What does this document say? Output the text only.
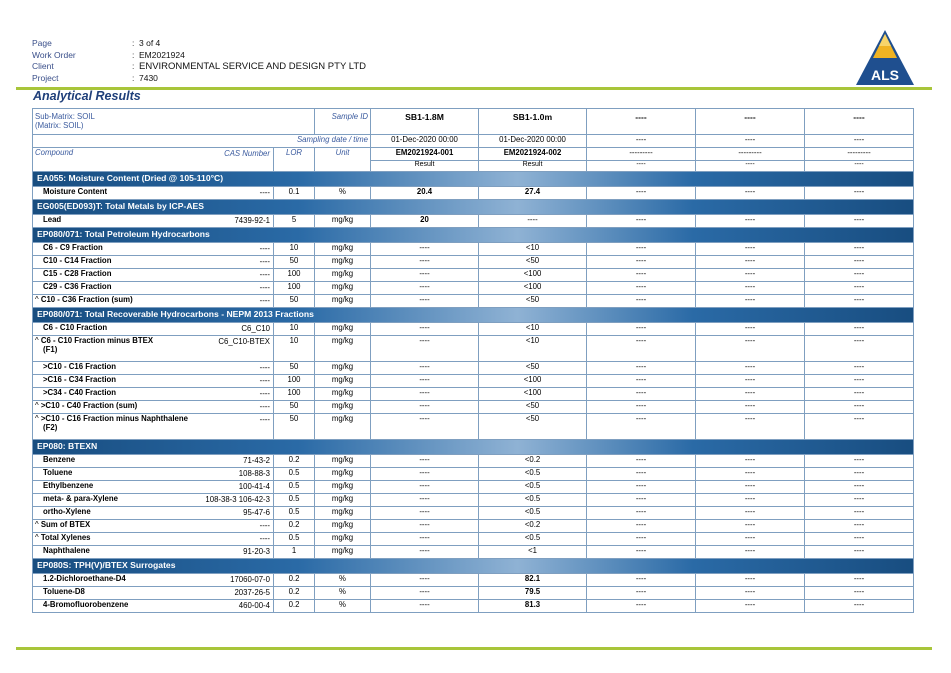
Page	: 3 of 4
Work Order	: EM2021924
Client	: ENVIRONMENTAL SERVICE AND DESIGN PTY LTD
Project	: 7430	ALS
Analytical Results
Sub-Matrix: SOIL
(Matrix: SOIL)		Sample ID	SB1-1.8M	SB1-1.0m	----	----	----
Sampling date / time			01-Dec-2020 00:00	01-Dec-2020 00:00	----	----	----
Compound CAS Number	LOR	Unit	EM2021924-001	EM2021924-002	---------	---------	---------
			Result	Result	----	----	----
EA055: Moisture Content (Dried @ 105-110°C)							

Moisture Content ----	0.1	%	20.4	27.4	----	----	----
EG005(ED093)T: Total Metals by ICP-AES							

Lead 7439-92-1	5	mg/kg	20	----	----	----	----
EP080/071: Total Petroleum Hydrocarbons							

C6 - C9 Fraction ----	10	mg/kg	----	<10	----	----	----

C10 - C14 Fraction ----	50	mg/kg	----	<50	----	----	----

C15 - C28 Fraction ----	100	mg/kg	----	<100	----	----	----

C29 - C36 Fraction ----	100	mg/kg	----	<100	----	----	----

^ C10 - C36 Fraction (sum) ----	50	mg/kg	----	<50	----	----	----
EP080/071: Total Recoverable Hydrocarbons - NEPM 2013 Fractions							

C6 - C10 Fraction C6_C10	10	mg/kg	----	<10	----	----	----

^ C6 - C10 Fraction minus BTEX
(F1)
C6_C10-BTEX	10	mg/kg	----	<10	----	----	----

>C10 - C16 Fraction ----	50	mg/kg	----	<50	----	----	----

>C16 - C34 Fraction ----	100	mg/kg	----	<100	----	----	----

>C34 - C40 Fraction ----	100	mg/kg	----	<100	----	----	----

^ >C10 - C40 Fraction (sum) ----	50	mg/kg	----	<50	----	----	----

^ >C10 - C16 Fraction minus Naphthalene
(F2)
----	50	mg/kg	----	<50	----	----	----
EP080: BTEXN							

Benzene 71-43-2	0.2	mg/kg	----	<0.2	----	----	----

Toluene 108-88-3	0.5	mg/kg	----	<0.5	----	----	----

Ethylbenzene 100-41-4	0.5	mg/kg	----	<0.5	----	----	----

meta- & para-Xylene 108-38-3 106-42-3	0.5	mg/kg	----	<0.5	----	----	----

ortho-Xylene 95-47-6	0.5	mg/kg	----	<0.5	----	----	----

^ Sum of BTEX ----	0.2	mg/kg	----	<0.2	----	----	----

^ Total Xylenes ----	0.5	mg/kg	----	<0.5	----	----	----

Naphthalene 91-20-3	1	mg/kg	----	<1	----	----	----
EP080S: TPH(V)/BTEX Surrogates							

1.2-Dichloroethane-D4 17060-07-0	0.2	%	----	82.1	----	----	----

Toluene-D8 2037-26-5	0.2	%	----	79.5	----	----	----

4-Bromofluorobenzene 460-00-4	0.2	%	----	81.3	----	----	----
